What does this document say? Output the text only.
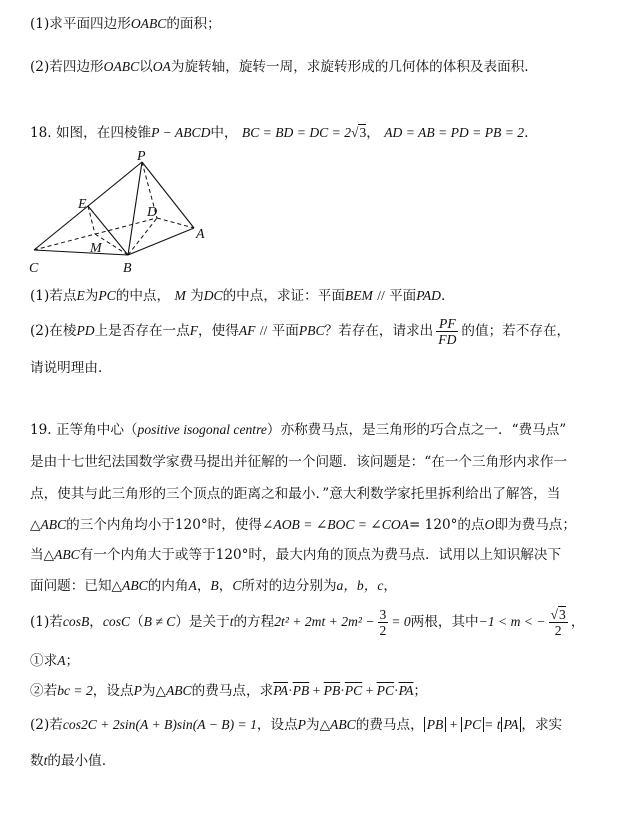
(1)求平面四边形OABC的面积；
(2)若四边形OABC以OA为旋转轴，旋转一周，求旋转形成的几何体的体积及表面积.
18. 如图，在四棱锥P − ABCD中， BC = BD = DC = 2√3， AD = AB = PD = PB = 2.
P
E
D
M
A
C	B
(1)若点E为PC的中点， M 为DC的中点，求证：平面BEM // 平面PAD.
(2)在棱PD上是否存在一点F，使得AF // 平面PBC？若存在，请求出 $\frac{PF}{FD}$ 的值；若不存在，
请说明理由.
19. 正等角中心（positive isogonal centre）亦称费马点，是三角形的巧合点之一．“费马点”
是由十七世纪法国数学家费马提出并征解的一个问题．该问题是：“在一个三角形内求作一
点，使其与此三角形的三个顶点的距离之和最小．”意大利数学家托里拆利给出了解答，当
△ABC的三个内角均小于120°时，使得∠AOB = ∠BOC = ∠COA= 120°的点O即为费马点；
当△ABC有一个内角大于或等于120°时，最大内角的顶点为费马点．试用以上知识解决下
面问题：已知△ABC的内角A，B，C所对的边分别为a，b，c，
(1)若cosB，cosC（B ≠ C）是关于t的方程$2t^2 + 2mt + 2m^2 - \frac{3}{2} = 0$两根，其中−1 < m < − $\frac{√3}{2}$ ，
①求A；
②若bc = 2，设点P为△ABC的费马点，求$\overline{PA}\cdot\overline{PB} + \overline{PB}\cdot\overline{PC} + \overline{PC}\cdot\overline{PA}$；
(2)若cos2C + 2sin(A + B)sin(A − B) = 1，设点P为△ABC的费马点， PB + PC = t PA ，求实
数t的最小值.
